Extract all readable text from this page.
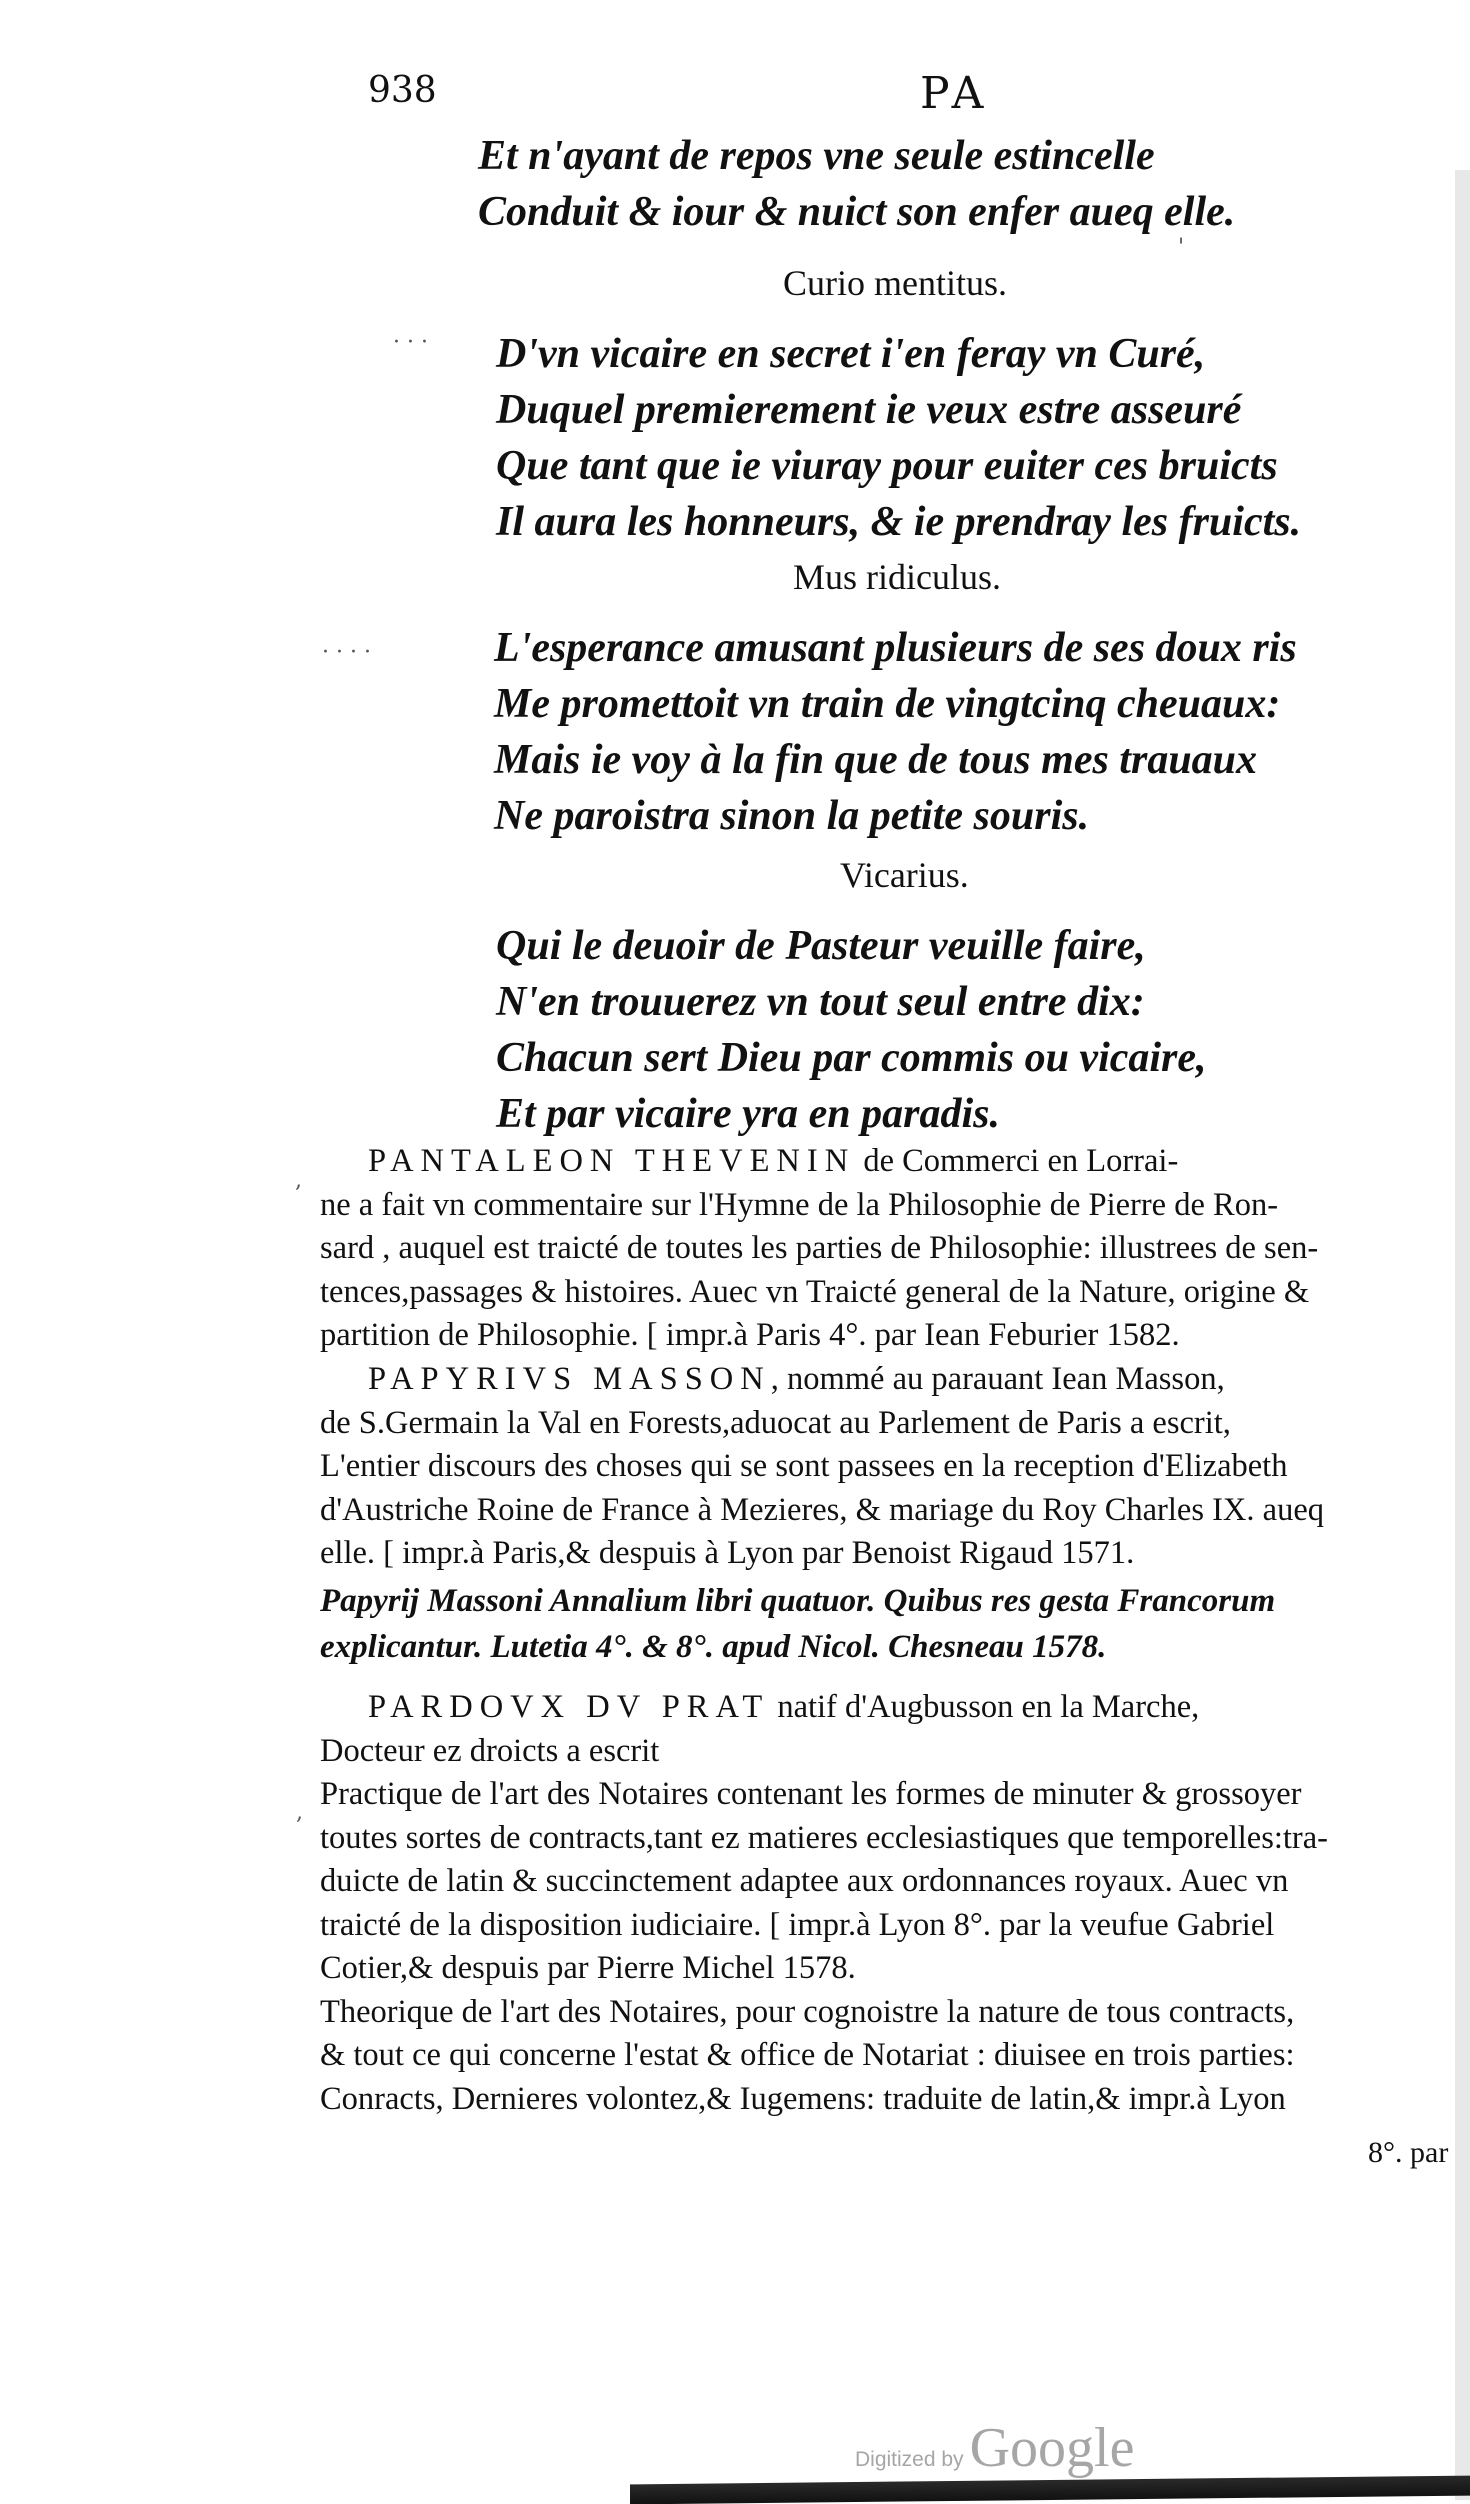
938	PA
Et n'ayant de repos vne seule estincelle
Conduit & iour & nuict son enfer aueq elle.
Curio mentitus.
D'vn vicaire en secret i'en feray vn Curé,
Duquel premierement ie veux estre asseuré
Que tant que ie viuray pour euiter ces bruicts
Il aura les honneurs, & ie prendray les fruicts.
Mus ridiculus.
L'esperance amusant plusieurs de ses doux ris
Me promettoit vn train de vingtcinq cheuaux:
Mais ie voy à la fin que de tous mes trauaux
Ne paroistra sinon la petite souris.
Vicarius.
Qui le deuoir de Pasteur veuille faire,
N'en trouuerez vn tout seul entre dix:
Chacun sert Dieu par commis ou vicaire,
Et par vicaire yra en paradis.
PANTALEON THEVENIN de Commerci en Lorrai-
ne a fait vn commentaire sur l'Hymne de la Philosophie de Pierre de Ron-
sard , auquel est traicté de toutes les parties de Philosophie: illustrees de sen-
tences,passages & histoires. Auec vn Traicté general de la Nature, origine &
partition de Philosophie. [ impr.à Paris 4°. par Iean Feburier 1582.
PAPYRIVS MASSON, nommé au parauant Iean Masson,
de S.Germain la Val en Forests,aduocat au Parlement de Paris a escrit,
L'entier discours des choses qui se sont passees en la reception d'Elizabeth
d'Austriche Roine de France à Mezieres, & mariage du Roy Charles IX. aueq
elle. [ impr.à Paris,& despuis à Lyon par Benoist Rigaud 1571.
Papyrij Massoni Annalium libri quatuor. Quibus res gesta Francorum
explicantur. Lutetia 4°. & 8°. apud Nicol. Chesneau 1578.
PARDOVX DV PRAT natif d'Augbusson en la Marche,
Docteur ez droicts a escrit
Practique de l'art des Notaires contenant les formes de minuter & grossoyer
toutes sortes de contracts,tant ez matieres ecclesiastiques que temporelles:tra-
duicte de latin & succinctement adaptee aux ordonnances royaux. Auec vn
traicté de la disposition iudiciaire. [ impr.à Lyon 8°. par la veufue Gabriel
Cotier,& despuis par Pierre Michel 1578.
Theorique de l'art des Notaires, pour cognoistre la nature de tous contracts,
& tout ce qui concerne l'estat & office de Notariat : diuisee en trois parties:
Conracts, Dernieres volontez,& Iugemens: traduite de latin,& impr.à Lyon
8°. par
· · ·
· · · ·
,
,
'
Digitized by Google
